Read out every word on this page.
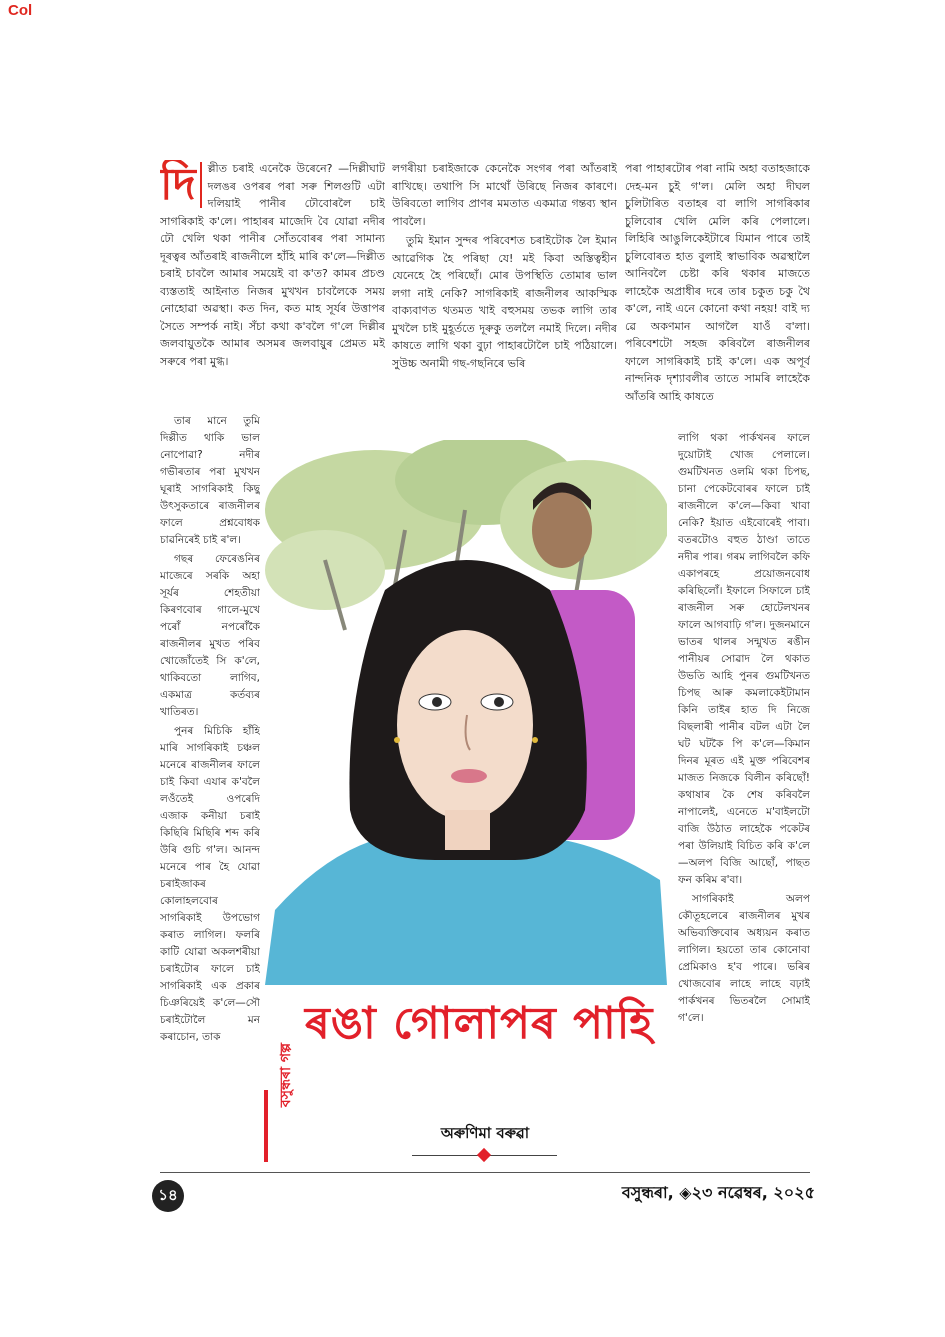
Col

দি	ল্লীত চৰাই এনেকৈ উৰেনে? —দিল্লীঘাট দলঙৰ ওপৰৰ পৰা সৰু শিলগুটি এটা দলিয়াই পানীৰ ঢৌবোৰলৈ চাই সাগৰিকাই ক'লে। পাহাৰৰ মাজেদি বৈ যোৱা নদীৰ ঢৌ খেলি থকা পানীৰ সোঁতবোৰৰ পৰা সামান্য দূৰত্বৰ আঁতৰাই ৰাজনীলে হাঁহি মাৰি ক'লে—দিল্লীত চৰাই চাবলৈ আমাৰ সময়েই বা ক'ত? কামৰ প্ৰচণ্ড ব্যস্ততাই আইনাত নিজৰ মুখখন চাবলৈকে সময় নোহোৱা অৱস্থা। কত দিন, কত মাহ সূৰ্যৰ উত্তাপৰ সৈতে সম্পৰ্ক নাই। সঁচা কথা ক'বলৈ গ'লে দিল্লীৰ জলবায়ুতকৈ আমাৰ অসমৰ জলবায়ুৰ প্ৰেমত মই সৰুৰে পৰা মুগ্ধ।

তাৰ মানে তুমি দিল্লীত থাকি ভাল নোপোৱা? নদীৰ গভীৰতাৰ পৰা মুখখন ঘূৰাই সাগৰিকাই কিছু উৎসুকতাৰে ৰাজনীলৰ ফালে প্ৰশ্নবোধক চাৱনিৰেই চাই ৰ'ল।

গছৰ ফেৰেঙনিৰ মাজেৰে সৰকি অহা সূৰ্যৰ শেহতীয়া কিৰণবোৰ গালে-মুখে পৰোঁ নপৰোঁকৈ ৰাজনীলৰ মুখত পৰিব খোজোঁতেই সি ক'লে, থাকিবতো লাগিব, একমাত্ৰ কৰ্তব্যৰ খাতিৰত।

পুনৰ মিচিকি হাঁহি মাৰি সাগৰিকাই চঞ্চল মনেৰে ৰাজনীলৰ ফালে চাই কিবা এযাৰ ক'বলৈ লওঁতেই ওপৰেদি এজাক কনীয়া চৰাই কিছিৰি মিছিৰি শব্দ কৰি উৰি গুচি গ'ল। আনন্দ মনেৰে পাৰ হৈ যোৱা চৰাইজাকৰ কোলাহলবোৰ সাগৰিকাই উপভোগ কৰাত লাগিল। ফলৰি কাটি যোৱা অকলশৰীয়া চৰাইটোৰ ফালে চাই সাগৰিকাই এক প্ৰকাৰ চিঞৰিয়েই ক'লে—সৌ চৰাইটোলৈ মন কৰাচোন, তাক

লগৰীয়া চৰাইজাকে কেনেকৈ সংগৰ পৰা আঁতৰাই ৰাখিছে। তথাপি সি মাথোঁ উৰিছে নিজৰ কাৰণে। উৰিবতো লাগিব প্ৰাণৰ মমতাত একমাত্ৰ গন্তব্য স্থান পাবলৈ।

তুমি ইমান সুন্দৰ পৰিবেশত চৰাইটোক লৈ ইমান আৱেগিক হৈ পৰিছা যে! মই কিবা অস্তিত্বহীন যেনেহে হৈ পৰিছোঁ। মোৰ উপস্থিতি তোমাৰ ভাল লগা নাই নেকি? সাগৰিকাই ৰাজনীলৰ আকস্মিক বাক্যবাণত থতমত খাই বহুসময় তভক লাগি তাৰ মুখলৈ চাই মুহূৰ্ততে দূৰুকু তললৈ নমাই দিলে। নদীৰ কাষতে লাগি থকা বুঢ়া পাহাৰটোলৈ চাই পঠিয়ালে। সুউচ্চ অনামী গছ-গছনিৰে ভৰি

পৰা পাহাৰটোৰ পৰা নামি অহা বতাহজাকে দেহ-মন চুই গ'ল। মেলি অহা দীঘল চুলিটাৰিত বতাহৰ বা লাগি সাগৰিকাৰ চুলিবোৰ খেলি মেলি কৰি পেলালে। লিহিৰি আঙুলিকেইটাৰে যিমান পাৰে তাই চুলিবোৰত হাত বুলাই স্বাভাবিক অৱস্থালৈ আনিবলৈ চেষ্টা কৰি থকাৰ মাজতে লাহেকৈ অপ্ৰাধীৰ দৰে তাৰ চকুত চকু থৈ ক'লে, নাই এনে কোনো কথা নহয়! বাই দ্য ৱে অকণমান আগলৈ যাওঁ ব'লা। পৰিবেশটো সহজ কৰিবলৈ ৰাজনীলৰ ফালে সাগৰিকাই চাই ক'লে। এক অপূৰ্ব নান্দনিক দৃশ্যাবলীৰ তাতে সামৰি লাহেকৈ আঁতৰি আহি কাষতে

লাগি থকা পাৰ্কখনৰ ফালে দুয়োটাই খোজ পেলালে। গুমটিখনত ওলমি থকা চিপছ, চানা পেকেটবোৰৰ ফালে চাই ৰাজনীলে ক'লে—কিবা খাবা নেকি? ইয়াত এইবোৰেই পাবা। বতৰটোও বহুত ঠাণ্ডা তাতে নদীৰ পাৰ। গৰম লাগিবলৈ কফি একাপৰহে প্ৰয়োজনবোধ কৰিছিলোঁ। ইফালে সিফালে চাই ৰাজনীল সৰু হোটেলখনৰ ফালে আগবাঢ়ি গ'ল। দুজনমানে ভাতৰ থালৰ সন্মুখত ৰঙীন পানীয়ৰ সোৱাদ লৈ থকাত উভতি আহি পুনৰ গুমটিখনত চিপছ আৰু কমলাকেইটামান কিনি তাইৰ হাত দি নিজে বিছলাৰী পানীৰ বটল এটা লৈ ঘট ঘটকৈ পি ক'লে—কিমান দিনৰ মূৰত এই মুক্ত পৰিবেশৰ মাজত নিজকে বিলীন কৰিছোঁ! কথাষাৰ কৈ শেষ কৰিবলৈ নাপালেই, এনেতে ম'বাইলটো বাজি উঠাত লাহেকৈ পকেটৰ পৰা উলিয়াই বিচিত কৰি ক'লে—অলপ বিজি আছোঁ, পাছত ফন কৰিম ৰ'বা।

সাগৰিকাই অলপ কৌতূহলেৰে ৰাজনীলৰ মুখৰ অভিব্যক্তিবোৰ অধ্যয়ন কৰাত লাগিল। হয়তো তাৰ কোনোবা প্ৰেমিকাও হ'ব পাৰে। ভৰিৰ খোজবোৰ লাহে লাহে বঢ়াই পাৰ্কখনৰ ভিতৰলৈ সোমাই গ'লে।

বসুন্ধৰা গল্প
ৰঙা গোলাপৰ পাহি
অৰুণিমা বৰুৱা
১৪	বসুন্ধৰা, ◈২৩ নৱেম্বৰ, ২০২৫
